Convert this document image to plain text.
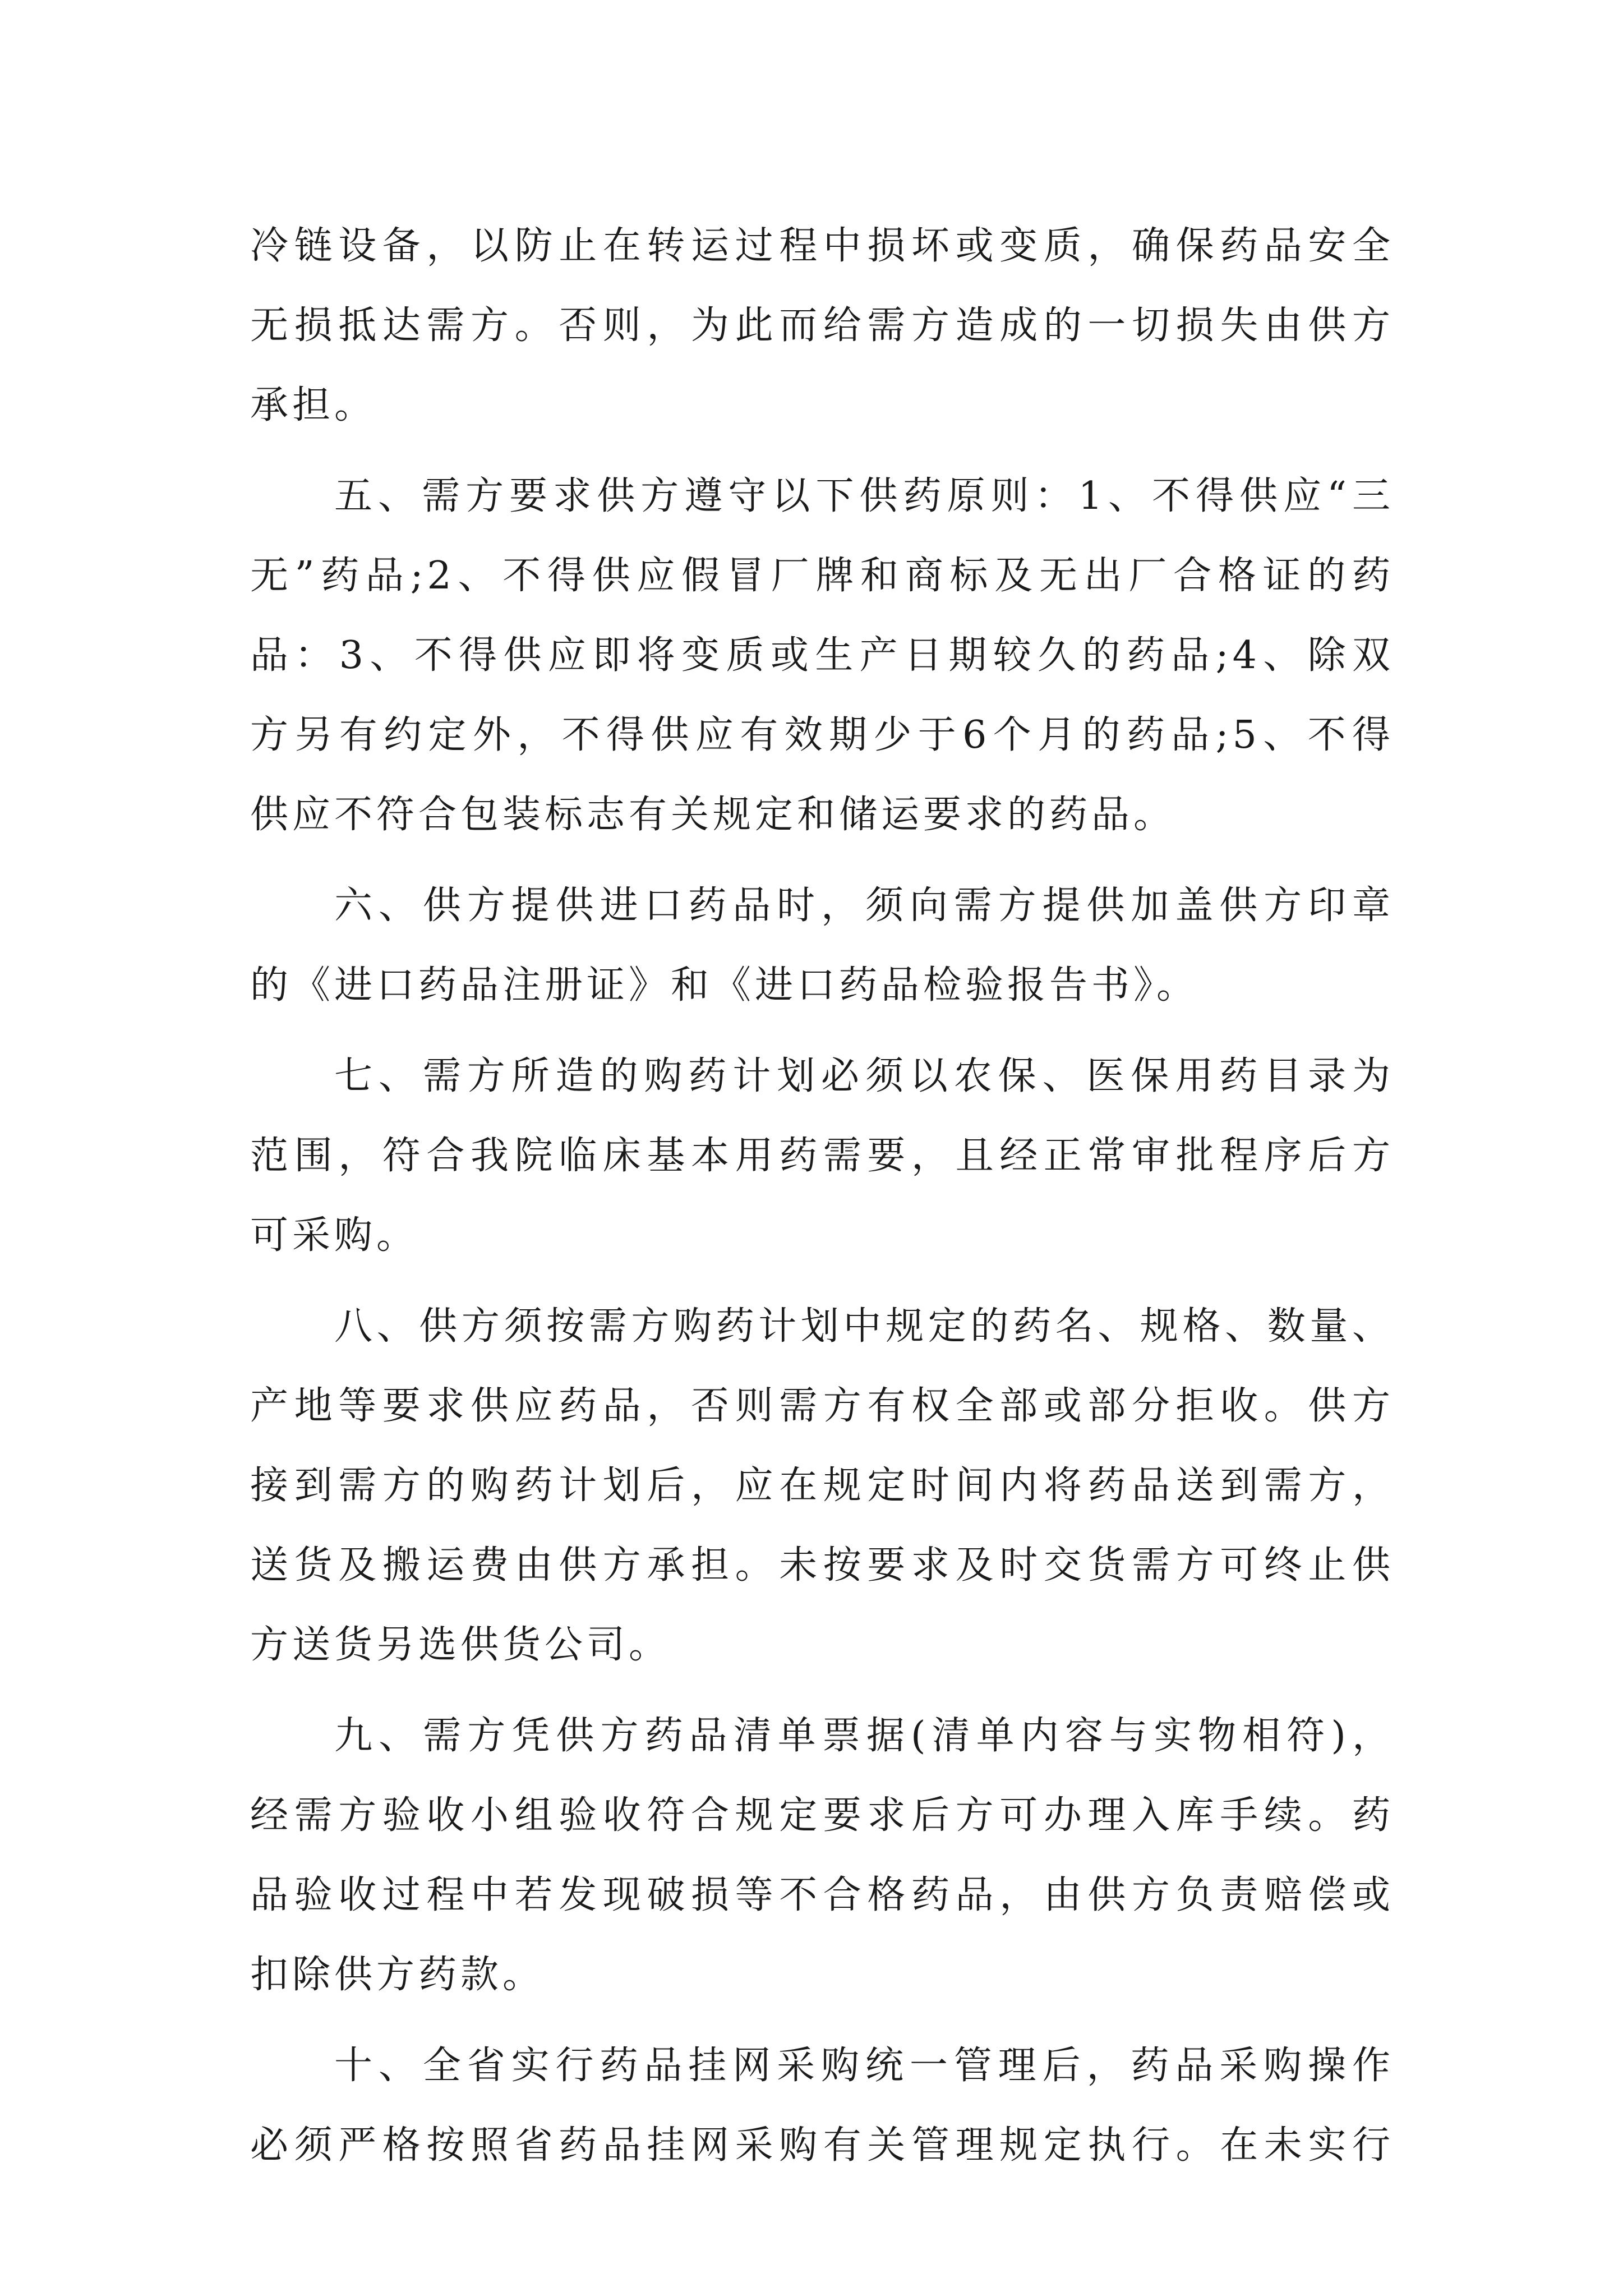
冷链设备，以防止在转运过程中损坏或变质，确保药品安全
无损抵达需方。否则，为此而给需方造成的一切损失由供方
承担。
五、需方要求供方遵守以下供药原则：1、不得供应“三
无”药品;2、不得供应假冒厂牌和商标及无出厂合格证的药
品：3、不得供应即将变质或生产日期较久的药品;4、除双
方另有约定外，不得供应有效期少于6个月的药品;5、不得
供应不符合包装标志有关规定和储运要求的药品。
六、供方提供进口药品时，须向需方提供加盖供方印章
的《进口药品注册证》和《进口药品检验报告书》。
七、需方所造的购药计划必须以农保、医保用药目录为
范围，符合我院临床基本用药需要，且经正常审批程序后方
可采购。
八、供方须按需方购药计划中规定的药名、规格、数量、
产地等要求供应药品，否则需方有权全部或部分拒收。供方
接到需方的购药计划后，应在规定时间内将药品送到需方，
送货及搬运费由供方承担。未按要求及时交货需方可终止供
方送货另选供货公司。
九、需方凭供方药品清单票据(清单内容与实物相符)，
经需方验收小组验收符合规定要求后方可办理入库手续。药
品验收过程中若发现破损等不合格药品，由供方负责赔偿或
扣除供方药款。
十、全省实行药品挂网采购统一管理后，药品采购操作
必须严格按照省药品挂网采购有关管理规定执行。在未实行
